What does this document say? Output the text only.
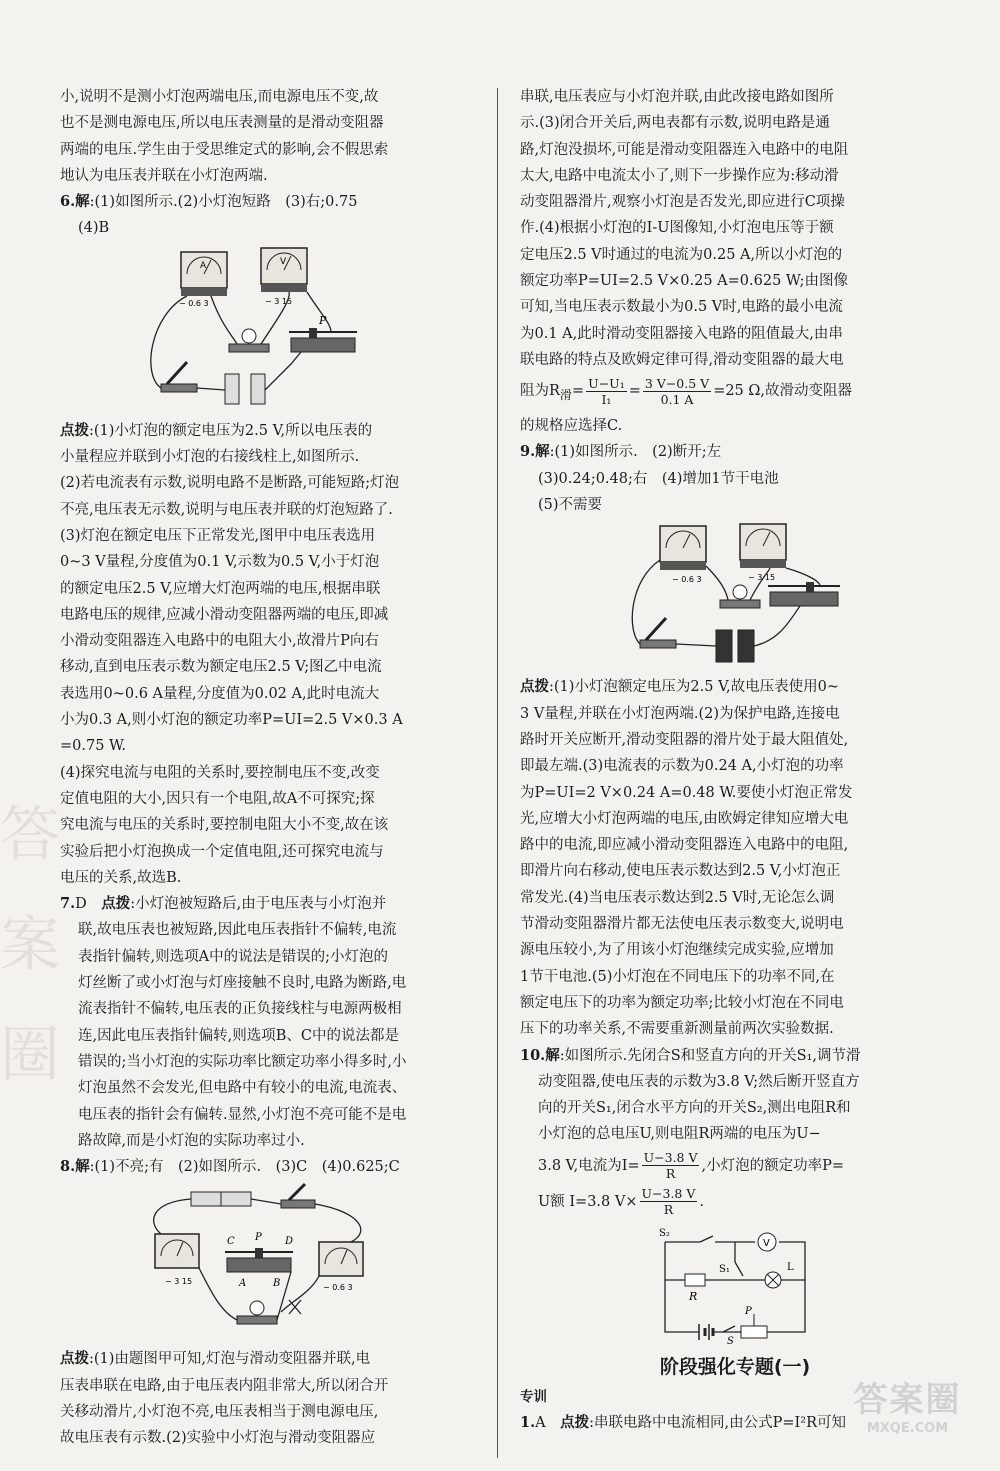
答案圈

小,说明不是测小灯泡两端电压,而电源电压不变,故

也不是测电源电压,所以电压表测量的是滑动变阻器

两端的电压.学生由于受思维定式的影响,会不假思索

地认为电压表并联在小灯泡两端.

6.解:(1)如图所示.(2)小灯泡短路　(3)右;0.75

(4)B

A
− 0.6 3
V
− 3 15
P

点拨:(1)小灯泡的额定电压为2.5 V,所以电压表的

小量程应并联到小灯泡的右接线柱上,如图所示.

(2)若电流表有示数,说明电路不是断路,可能短路;灯泡

不亮,电压表无示数,说明与电压表并联的灯泡短路了.

(3)灯泡在额定电压下正常发光,图甲中电压表选用

0~3 V量程,分度值为0.1 V,示数为0.5 V,小于灯泡

的额定电压2.5 V,应增大灯泡两端的电压,根据串联

电路电压的规律,应减小滑动变阻器两端的电压,即减

小滑动变阻器连入电路中的电阻大小,故滑片P向右

移动,直到电压表示数为额定电压2.5 V;图乙中电流

表选用0~0.6 A量程,分度值为0.02 A,此时电流大

小为0.3 A,则小灯泡的额定功率P=UI=2.5 V×0.3 A

=0.75 W.

(4)探究电流与电阻的关系时,要控制电压不变,改变

定值电阻的大小,因只有一个电阻,故A不可探究;探

究电流与电压的关系时,要控制电阻大小不变,故在该

实验后把小灯泡换成一个定值电阻,还可探究电流与

电压的关系,故选B.

7.D　 点拨:小灯泡被短路后,由于电压表与小灯泡并

联,故电压表也被短路,因此电压表指针不偏转,电流

表指针偏转,则选项A中的说法是错误的;小灯泡的

灯丝断了或小灯泡与灯座接触不良时,电路为断路,电

流表指针不偏转,电压表的正负接线柱与电源两极相

连,因此电压表指针偏转,则选项B、C中的说法都是

错误的;当小灯泡的实际功率比额定功率小得多时,小

灯泡虽然不会发光,但电路中有较小的电流,电流表、

电压表的指针会有偏转.显然,小灯泡不亮可能不是电

路故障,而是小灯泡的实际功率过小.

8.解:(1)不亮;有　(2)如图所示.　(3)C　(4)0.625;C

− 3 15
C P D
A	B	− 0.6 3

点拨:(1)由题图甲可知,灯泡与滑动变阻器并联,电

压表串联在电路,由于电压表内阻非常大,所以闭合开

关移动滑片,小灯泡不亮,电压表相当于测电源电压,

故电压表有示数.(2)实验中小灯泡与滑动变阻器应

串联,电压表应与小灯泡并联,由此改接电路如图所

示.(3)闭合开关后,两电表都有示数,说明电路是通

路,灯泡没损坏,可能是滑动变阻器连入电路中的电阻

太大,电路中电流太小了,则下一步操作应为:移动滑

动变阻器滑片,观察小灯泡是否发光,即应进行C项操

作.(4)根据小灯泡的I-U图像知,小灯泡电压等于额

定电压2.5 V时通过的电流为0.25 A,所以小灯泡的

额定功率P=UI=2.5 V×0.25 A=0.625 W;由图像

可知,当电压表示数最小为0.5 V时,电路的最小电流

为0.1 A,此时滑动变阻器接入电路的阻值最大,由串

联电路的特点及欧姆定律可得,滑动变阻器的最大电

阻为$R_滑= \frac{\text{U−U₁}}{\text{I₁}} = \frac{3 V-0.5 V}{0.1 A} =25$ Ω,故滑动变阻器

的规格应选择C.

9.解:(1)如图所示.　(2)断开;左

(3)0.24;0.48;右　(4)增加1节干电池

(5)不需要

− 0.6 3	− 3 15

点拨:(1)小灯泡额定电压为2.5 V,故电压表使用0~

3 V量程,并联在小灯泡两端.(2)为保护电路,连接电

路时开关应断开,滑动变阻器的滑片处于最大阻值处,

即最左端.(3)电流表的示数为0.24 A,小灯泡的功率

为P=UI=2 V×0.24 A=0.48 W.要使小灯泡正常发

光,应增大小灯泡两端的电压,由欧姆定律知应增大电

路中的电流,即应减小滑动变阻器连入电路中的电阻,

即滑片向右移动,使电压表示数达到2.5 V,小灯泡正

常发光.(4)当电压表示数达到2.5 V时,无论怎么调

节滑动变阻器滑片都无法使电压表示数变大,说明电

源电压较小,为了用该小灯泡继续完成实验,应增加

1节干电池.(5)小灯泡在不同电压下的功率不同,在

额定电压下的功率为额定功率;比较小灯泡在不同电

压下的功率关系,不需要重新测量前两次实验数据.

10.解:如图所示.先闭合S和竖直方向的开关S₁,调节滑

动变阻器,使电压表的示数为3.8 V;然后断开竖直方

向的开关S₁,闭合水平方向的开关S₂,测出电阻R和

小灯泡的总电压U,则电阻R两端的电压为U−

3.8 V,电流为$I= \frac{U-3.8 V}{R}$ ,小灯泡的额定功率P=

U额 I=3.8 $V\times \frac{U-3.8 V}{R}$ .

S₂
V
R
S₁	L
S
P
阶段强化专题(一)
专训

1.A　 点拨:串联电路中电流相同,由公式P=I²R可知

答案圈
MXQE.COM
